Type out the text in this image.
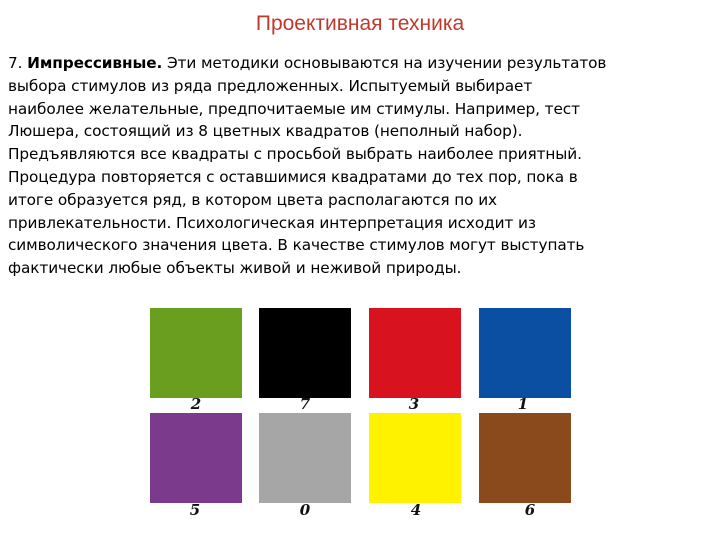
Проективная техника

7. Импрессивные. Эти методики основываются на изучении результатов

выбора стимулов из ряда предложенных. Испытуемый выбирает

наиболее желательные, предпочитаемые им стимулы. Например, тест

Люшера, состоящий из 8 цветных квадратов (неполный набор).

Предъявляются все квадраты с просьбой выбрать наиболее приятный.

Процедура повторяется с оставшимися квадратами до тех пор, пока в

итоге образуется ряд, в котором цвета располагаются по их

привлекательности. Психологическая интерпретация исходит из

символического значения цвета. В качестве стимулов могут выступать

фактически любые объекты живой и неживой природы.

2	7	3	1
5	0	4	6
